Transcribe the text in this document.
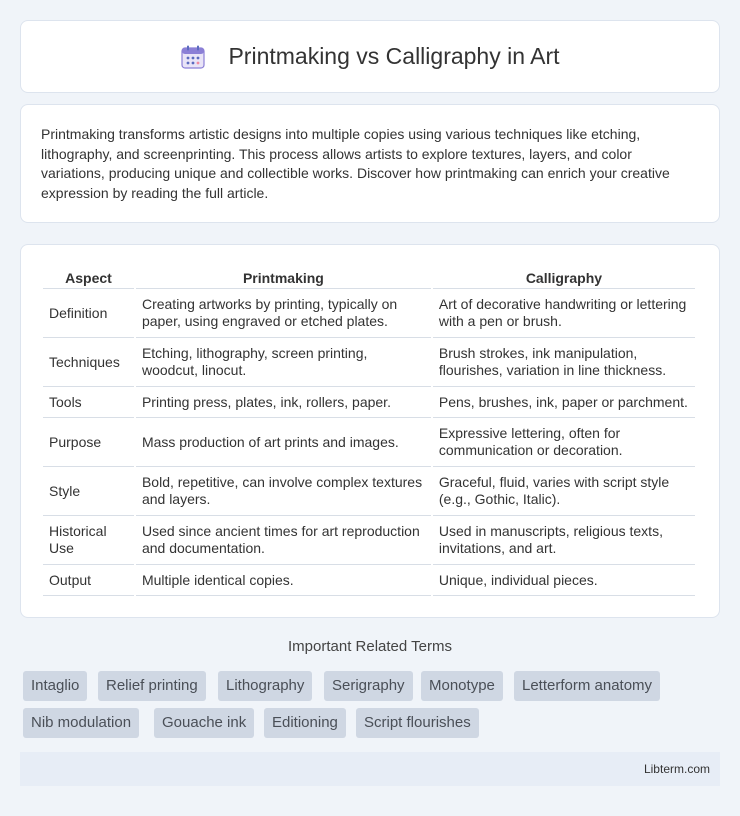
Printmaking vs Calligraphy in Art

Printmaking transforms artistic designs into multiple copies using various techniques like etching, lithography, and screenprinting. This process allows artists to explore textures, layers, and color variations, producing unique and collectible works. Discover how printmaking can enrich your creative expression by reading the full article.

Aspect	Printmaking	Calligraphy
Definition	Creating artworks by printing, typically on paper, using engraved or etched plates.	Art of decorative handwriting or lettering with a pen or brush.
Techniques	Etching, lithography, screen printing, woodcut, linocut.	Brush strokes, ink manipulation, flourishes, variation in line thickness.
Tools	Printing press, plates, ink, rollers, paper.	Pens, brushes, ink, paper or parchment.
Purpose	Mass production of art prints and images.	Expressive lettering, often for communication or decoration.
Style	Bold, repetitive, can involve complex textures and layers.	Graceful, fluid, varies with script style (e.g., Gothic, Italic).
Historical Use	Used since ancient times for art reproduction and documentation.	Used in manuscripts, religious texts, invitations, and art.
Output	Multiple identical copies.	Unique, individual pieces.
Important Related Terms
Intaglio	Relief printing	Lithography	Serigraphy	Monotype	Letterform anatomy
Nib modulation	Gouache ink	Editioning	Script flourishes
Libterm.com
